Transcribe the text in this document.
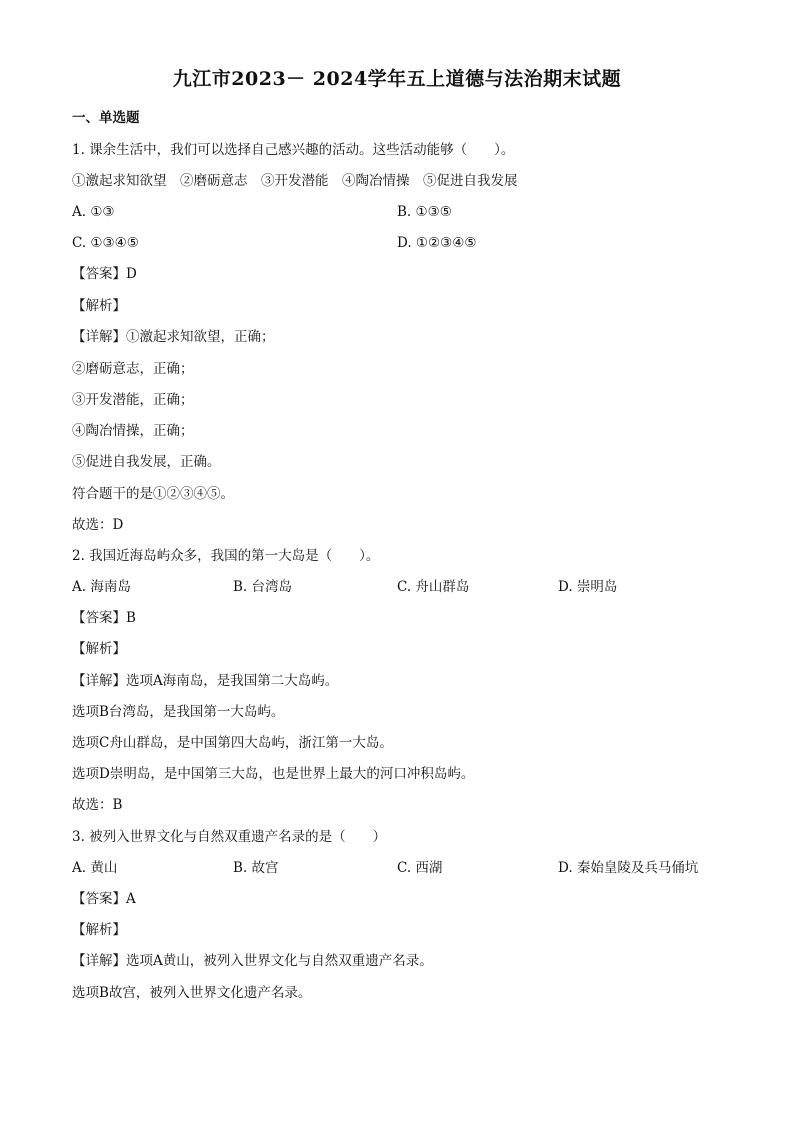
九江市2023－ 2024学年五上道德与法治期末试题
一、单选题
1. 课余生活中，我们可以选择自己感兴趣的活动。这些活动能够（　　）。
①激起求知欲望　②磨砺意志　③开发潜能　④陶冶情操　⑤促进自我发展
A. ①③	B. ①③⑤
C. ①③④⑤	D. ①②③④⑤
【答案】D
【解析】
【详解】①激起求知欲望，正确；
②磨砺意志，正确；
③开发潜能，正确；
④陶冶情操，正确；
⑤促进自我发展，正确。
符合题干的是①②③④⑤。
故选：D
2. 我国近海岛屿众多，我国的第一大岛是（　　）。
A. 海南岛	B. 台湾岛	C. 舟山群岛	D. 崇明岛
【答案】B
【解析】
【详解】选项A海南岛，是我国第二大岛屿。
选项B台湾岛，是我国第一大岛屿。
选项C舟山群岛，是中国第四大岛屿，浙江第一大岛。
选项D崇明岛，是中国第三大岛，也是世界上最大的河口冲积岛屿。
故选：B
3. 被列入世界文化与自然双重遗产名录的是（　　）
A. 黄山	B. 故宫	C. 西湖	D. 秦始皇陵及兵马俑坑
【答案】A
【解析】
【详解】选项A黄山，被列入世界文化与自然双重遗产名录。
选项B故宫，被列入世界文化遗产名录。
